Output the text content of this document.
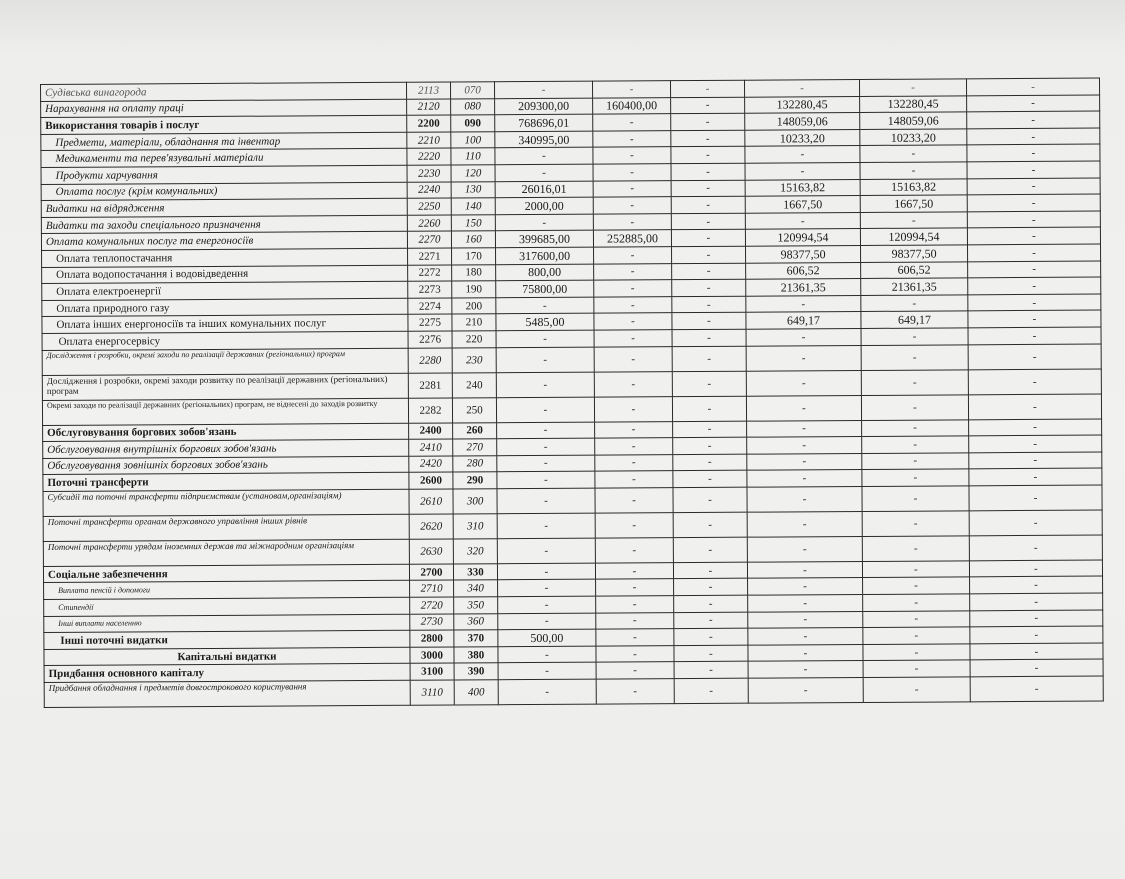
Судівська винагорода	2113	070	-	-	-	-	-	-
Нарахування на оплату праці	2120	080	209300,00	160400,00	-	132280,45	132280,45	-
Використання товарів і послуг	2200	090	768696,01	-	-	148059,06	148059,06	-
Предмети, матеріали, обладнання та інвентар	2210	100	340995,00	-	-	10233,20	10233,20	-
Медикаменти та перев'язувальні матеріали	2220	110	-	-	-	-	-	-
Продукти харчування	2230	120	-	-	-	-	-	-
Оплата послуг (крім комунальних)	2240	130	26016,01	-	-	15163,82	15163,82	-
Видатки на відрядження	2250	140	2000,00	-	-	1667,50	1667,50	-
Видатки та заходи спеціального призначення	2260	150	-	-	-	-	-	-
Оплата комунальних послуг та енергоносіїв	2270	160	399685,00	252885,00	-	120994,54	120994,54	-
Оплата теплопостачання	2271	170	317600,00	-	-	98377,50	98377,50	-
Оплата водопостачання і водовідведення	2272	180	800,00	-	-	606,52	606,52	-
Оплата електроенергії	2273	190	75800,00	-	-	21361,35	21361,35	-
Оплата природного газу	2274	200	-	-	-	-	-	-
Оплата інших енергоносіїв та інших комунальних послуг	2275	210	5485,00	-	-	649,17	649,17	-
Оплата енергосервісу	2276	220	-	-	-	-	-	-
Дослідження і розробки, окремі заходи по реалізації державних (регіональних) програм	2280	230	-	-	-	-	-	-
Дослідження і розробки, окремі заходи розвитку по реалізації державних (регіональних) програм	2281	240	-	-	-	-	-	-
Окремі заходи по реалізації державних (регіональних) програм, не віднесені до заходів розвитку	2282	250	-	-	-	-	-	-
Обслуговування боргових зобов'язань	2400	260	-	-	-	-	-	-
Обслуговування внутрішніх боргових зобов'язань	2410	270	-	-	-	-	-	-
Обслуговування зовнішніх боргових зобов'язань	2420	280	-	-	-	-	-	-
Поточні трансферти	2600	290	-	-	-	-	-	-
Субсидії та поточні трансферти підприємствам (установам,організаціям)	2610	300	-	-	-	-	-	-
Поточні трансферти органам державного управління інших рівнів	2620	310	-	-	-	-	-	-
Поточні трансферти урядам іноземних держав та міжнародним організаціям	2630	320	-	-	-	-	-	-
Соціальне забезпечення	2700	330	-	-	-	-	-	-
Виплата пенсій і допомоги	2710	340	-	-	-	-	-	-
Стипендії	2720	350	-	-	-	-	-	-
Інші виплати населенню	2730	360	-	-	-	-	-	-
Інші поточні видатки	2800	370	500,00	-	-	-	-	-
Капітальні видатки	3000	380	-	-	-	-	-	-
Придбання основного капіталу	3100	390	-	-	-	-	-	-
Придбання обладнання і предметів довгострокового користування	3110	400	-	-	-	-	-	-
